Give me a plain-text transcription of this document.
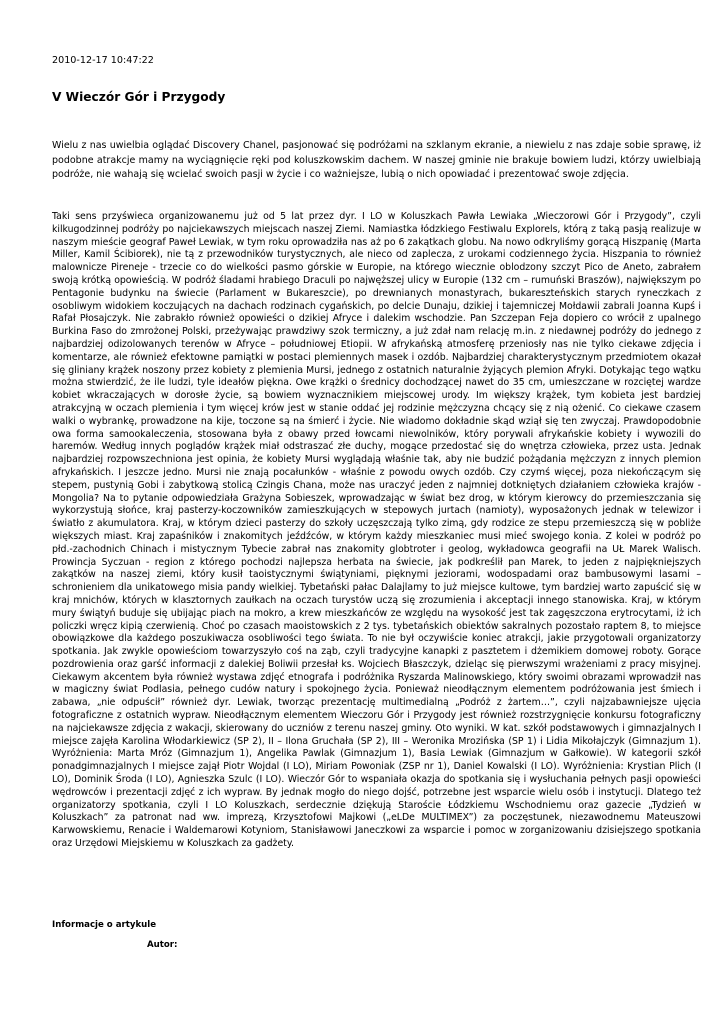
2010-12-17 10:47:22
V Wieczór Gór i Przygody

Wielu z nas uwielbia oglądać Discovery Chanel, pasjonować się podróżami na szklanym ekranie, a niewielu z nas zdaje sobie sprawę, iż podobne atrakcje mamy na wyciągnięcie ręki pod koluszkowskim dachem. W naszej gminie nie brakuje bowiem ludzi, którzy uwielbiają podróże, nie wahają się wcielać swoich pasji w życie i co ważniejsze, lubią o nich opowiadać i prezentować swoje zdjęcia.

Taki sens przyświeca organizowanemu już od 5 lat przez dyr. I LO w Koluszkach Pawła Lewiaka „Wieczorowi Gór i Przygody”, czyli kilkugodzinnej podróży po najciekawszych miejscach naszej Ziemi. Namiastka łódzkiego Festiwalu Explorels, którą z taką pasją realizuje w naszym mieście geograf Paweł Lewiak, w tym roku oprowadziła nas aż po 6 zakątkach globu. Na nowo odkryliśmy gorącą Hiszpanię (Marta Miller, Kamil Ścibiorek), nie tą z przewodników turystycznych, ale nieco od zaplecza, z urokami codziennego życia. Hiszpania to również malownicze Pireneje - trzecie co do wielkości pasmo górskie w Europie, na którego wiecznie oblodzony szczyt Pico de Aneto, zabrałem swoją krótką opowieścią. W podróż śladami hrabiego Draculi po najwęższej ulicy w Europie (132 cm – rumuński Braszów), największym po Pentagonie budynku na świecie (Parlament w Bukareszcie), po drewnianych monastyrach, bukareszteńskich starych ryneczkach z osobliwym widokiem koczujących na dachach rodzinach cygańskich, po delcie Dunaju, dzikiej i tajemniczej Mołdawii zabrali Joanna Kupś i Rafał Płosajczyk. Nie zabrakło również opowieści o dzikiej Afryce i dalekim wschodzie. Pan Szczepan Feja dopiero co wrócił z upalnego Burkina Faso do zmrożonej Polski, przeżywając prawdziwy szok termiczny, a już zdał nam relację m.in. z niedawnej podróży do jednego z najbardziej odizolowanych terenów w Afryce – południowej Etiopii. W afrykańską atmosferę przeniosły nas nie tylko ciekawe zdjęcia i komentarze, ale również efektowne pamiątki w postaci plemiennych masek i ozdób. Najbardziej charakterystycznym przedmiotem okazał się gliniany krążek noszony przez kobiety z plemienia Mursi, jednego z ostatnich naturalnie żyjących plemion Afryki. Dotykając tego wątku można stwierdzić, że ile ludzi, tyle ideałów piękna. Owe krążki o średnicy dochodzącej nawet do 35 cm, umieszczane w rozciętej wardze kobiet wkraczających w dorosłe życie, są bowiem wyznacznikiem miejscowej urody. Im większy krążek, tym kobieta jest bardziej atrakcyjną w oczach plemienia i tym więcej krów jest w stanie oddać jej rodzinie mężczyzna chcący się z nią ożenić. Co ciekawe czasem walki o wybrankę, prowadzone na kije, toczone są na śmierć i życie. Nie wiadomo dokładnie skąd wziął się ten zwyczaj. Prawdopodobnie owa forma samookaleczenia, stosowana była z obawy przed łowcami niewolników, który porywali afrykańskie kobiety i wywozili do haremów. Według innych poglądów krążek miał odstraszać złe duchy, mogące przedostać się do wnętrza człowieka, przez usta. Jednak najbardziej rozpowszechniona jest opinia, że kobiety Mursi wyglądają właśnie tak, aby nie budzić pożądania mężczyzn z innych plemion afrykańskich. I jeszcze jedno. Mursi nie znają pocałunków - właśnie z powodu owych ozdób. Czy czymś więcej, poza niekończącym się stepem, pustynią Gobi i zabytkową stolicą Czingis Chana, może nas uraczyć jeden z najmniej dotkniętych działaniem człowieka krajów - Mongolia? Na to pytanie odpowiedziała Grażyna Sobieszek, wprowadzając w świat bez drog, w którym kierowcy do przemieszczania się wykorzystują słońce, kraj pasterzy-koczowników zamieszkujących w stepowych jurtach (namioty), wyposażonych jednak w telewizor i światło z akumulatora. Kraj, w którym dzieci pasterzy do szkoły uczęszczają tylko zimą, gdy rodzice ze stepu przemieszczą się w pobliże większych miast. Kraj zapaśników i znakomitych jeźdźców, w którym każdy mieszkaniec musi mieć swojego konia. Z kolei w podróż po płd.-zachodnich Chinach i mistycznym Tybecie zabrał nas znakomity globtroter i geolog, wykładowca geografii na UŁ Marek Walisch. Prowincja Syczuan - region z którego pochodzi najlepsza herbata na świecie, jak podkreślił pan Marek, to jeden z najpiękniejszych zakątków na naszej ziemi, który kusił taoistycznymi świątyniami, pięknymi jeziorami, wodospadami oraz bambusowymi lasami – schronieniem dla unikatowego misia pandy wielkiej. Tybetański pałac Dalajlamy to już miejsce kultowe, tym bardziej warto zapuścić się w kraj mnichów, których w klasztornych zaułkach na oczach turystów uczą się zrozumienia i akceptacji innego stanowiska. Kraj, w którym mury świątyń buduje się ubijając piach na mokro, a krew mieszkańców ze względu na wysokość jest tak zagęszczona erytrocytami, iż ich policzki wręcz kipią czerwienią. Choć po czasach maoistowskich z 2 tys. tybetańskich obiektów sakralnych pozostało raptem 8, to miejsce obowiązkowe dla każdego poszukiwacza osobliwości tego świata. To nie był oczywiście koniec atrakcji, jakie przygotowali organizatorzy spotkania. Jak zwykle opowieściom towarzyszyło coś na ząb, czyli tradycyjne kanapki z pasztetem i dżemikiem domowej roboty. Gorące pozdrowienia oraz garść informacji z dalekiej Boliwii przesłał ks. Wojciech Błaszczyk, dzieląc się pierwszymi wrażeniami z pracy misyjnej. Ciekawym akcentem była również wystawa zdjęć etnografa i podróżnika Ryszarda Malinowskiego, który swoimi obrazami wprowadził nas w magiczny świat Podlasia, pełnego cudów natury i spokojnego życia. Ponieważ nieodłącznym elementem podróżowania jest śmiech i zabawa, „nie odpuścił” również dyr. Lewiak, tworząc prezentację multimedialną „Podróż z żartem…”, czyli najzabawniejsze ujęcia fotograficzne z ostatnich wypraw. Nieodłącznym elementem Wieczoru Gór i Przygody jest również rozstrzygnięcie konkursu fotograficzny na najciekawsze zdjęcia z wakacji, skierowany do uczniów z terenu naszej gminy. Oto wyniki. W kat. szkół podstawowych i gimnazjalnych I miejsce zajęła Karolina Włodarkiewicz (SP 2), II – Ilona Gruchała (SP 2), III – Weronika Mrozińska (SP 1) i Lidia Mikołajczyk (Gimnazjum 1). Wyróżnienia: Marta Mróz (Gimnazjum 1), Angelika Pawlak (Gimnazjum 1), Basia Lewiak (Gimnazjum w Gałkowie). W kategorii szkół ponadgimnazjalnych I miejsce zajął Piotr Wojdal (I LO), Miriam Powoniak (ZSP nr 1), Daniel Kowalski (I LO). Wyróżnienia: Krystian Plich (I LO), Dominik Środa (I LO), Agnieszka Szulc (I LO). Wieczór Gór to wspaniała okazja do spotkania się i wysłuchania pełnych pasji opowieści wędrowców i prezentacji zdjęć z ich wypraw. By jednak mogło do niego dojść, potrzebne jest wsparcie wielu osób i instytucji. Dlatego też organizatorzy spotkania, czyli I LO Koluszkach, serdecznie dziękują Staroście Łódzkiemu Wschodniemu oraz gazecie „Tydzień w Koluszkach” za patronat nad ww. imprezą, Krzysztofowi Majkowi („eLDe MULTIMEX”) za poczęstunek, niezawodnemu Mateuszowi Karwowskiemu, Renacie i Waldemarowi Kotyniom, Stanisławowi Janeczkowi za wsparcie i pomoc w zorganizowaniu dzisiejszego spotkania oraz Urzędowi Miejskiemu w Koluszkach za gadżety.

Informacje o artykule
Autor:
